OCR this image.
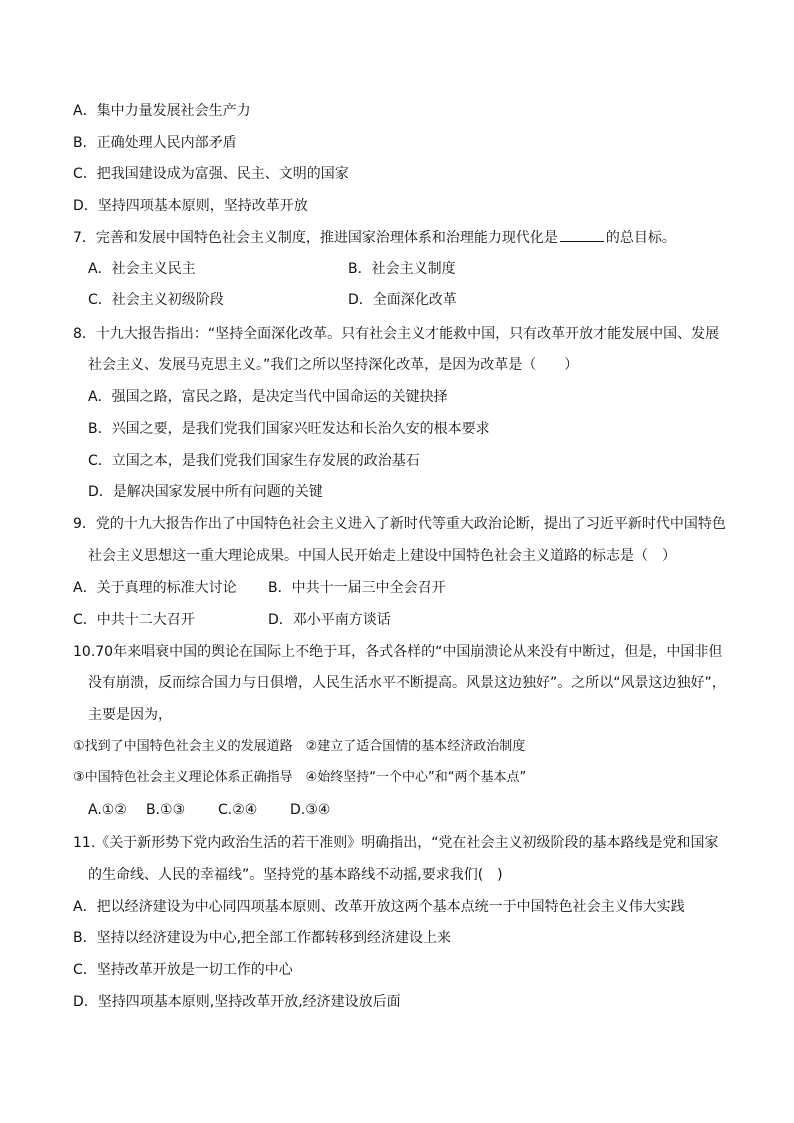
A．集中力量发展社会生产力
B．正确处理人民内部矛盾
C．把我国建设成为富强、民主、文明的国家
D．坚持四项基本原则，坚持改革开放
7．完善和发展中国特色社会主义制度，推进国家治理体系和治理能力现代化是	的总目标。
A．社会主义民主	B．社会主义制度
C．社会主义初级阶段	D．全面深化改革
8．十九大报告指出：“坚持全面深化改革。只有社会主义才能救中国，只有改革开放才能发展中国、发展
社会主义、发展马克思主义。”我们之所以坚持深化改革，是因为改革是（　　）
A．强国之路，富民之路，是决定当代中国命运的关键抉择
B．兴国之要，是我们党我们国家兴旺发达和长治久安的根本要求
C．立国之本，是我们党我们国家生存发展的政治基石
D．是解决国家发展中所有问题的关键
9．党的十九大报告作出了中国特色社会主义进入了新时代等重大政治论断，提出了习近平新时代中国特色
社会主义思想这一重大理论成果。中国人民开始走上建设中国特色社会主义道路的标志是（　）
A．关于真理的标准大讨论 B．中共十一届三中全会召开
C．中共十二大召开	D．邓小平南方谈话
10.70年来唱衰中国的舆论在国际上不绝于耳，各式各样的“中国崩溃论从来没有中断过，但是，中国非但
没有崩溃，反而综合国力与日俱增，人民生活水平不断提高。风景这边独好”。之所以“风景这边独好”，
主要是因为，
①找到了中国特色社会主义的发展道路　②建立了适合国情的基本经济政治制度
③中国特色社会主义理论体系正确指导　④始终坚持“一个中心”和“两个基本点”
A.①② B.①③ C.②④ D.③④
11.《关于新形势下党内政治生活的若干准则》明确指出，“党在社会主义初级阶段的基本路线是党和国家
的生命线、人民的幸福线”。坚持党的基本路线不动摇,要求我们(　)
A．把以经济建设为中心同四项基本原则、改革开放这两个基本点统一于中国特色社会主义伟大实践
B．坚持以经济建设为中心,把全部工作都转移到经济建设上来
C．坚持改革开放是一切工作的中心
D．坚持四项基本原则,坚持改革开放,经济建设放后面
